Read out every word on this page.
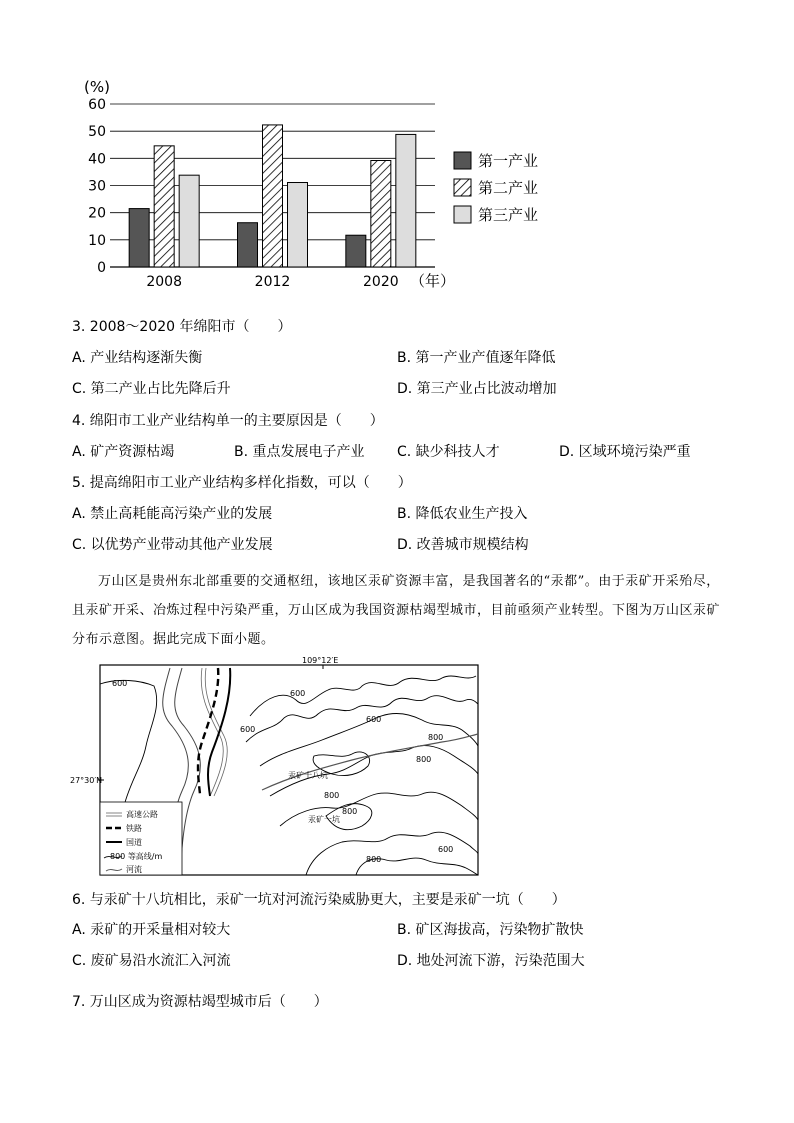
0
10
20
30
40
50
60
2008	2012	2020
(%)
（年）
第一产业
第二产业
第三产业
3. 2008～2020 年绵阳市（　　）
A. 产业结构逐渐失衡	B. 第一产业产值逐年降低
C. 第二产业占比先降后升	D. 第三产业占比波动增加
4. 绵阳市工业产业结构单一的主要原因是（　　）
A. 矿产资源枯竭	B. 重点发展电子产业 C. 缺少科技人才	D. 区域环境污染严重
5. 提高绵阳市工业产业结构多样化指数，可以（　　）
A. 禁止高耗能高污染产业的发展	B. 降低农业生产投入
C. 以优势产业带动其他产业发展	D. 改善城市规模结构
万山区是贵州东北部重要的交通枢纽，该地区汞矿资源丰富，是我国著名的“汞都”。由于汞矿开采殆尽，且汞矿开采、冶炼过程中污染严重，万山区成为我国资源枯竭型城市，目前亟须产业转型。下图为万山区汞矿分布示意图。据此完成下面小题。
109°12′E
27°30′N
600
600
600
600
800
800
800
800
800
600
汞矿十八坑
汞矿一坑
高速公路
铁路
国道
800 等高线/m
河流
6. 与汞矿十八坑相比，汞矿一坑对河流污染威胁更大，主要是汞矿一坑（　　）
A. 汞矿的开采量相对较大	B. 矿区海拔高，污染物扩散快
C. 废矿易沿水流汇入河流	D. 地处河流下游，污染范围大
7. 万山区成为资源枯竭型城市后（　　）
